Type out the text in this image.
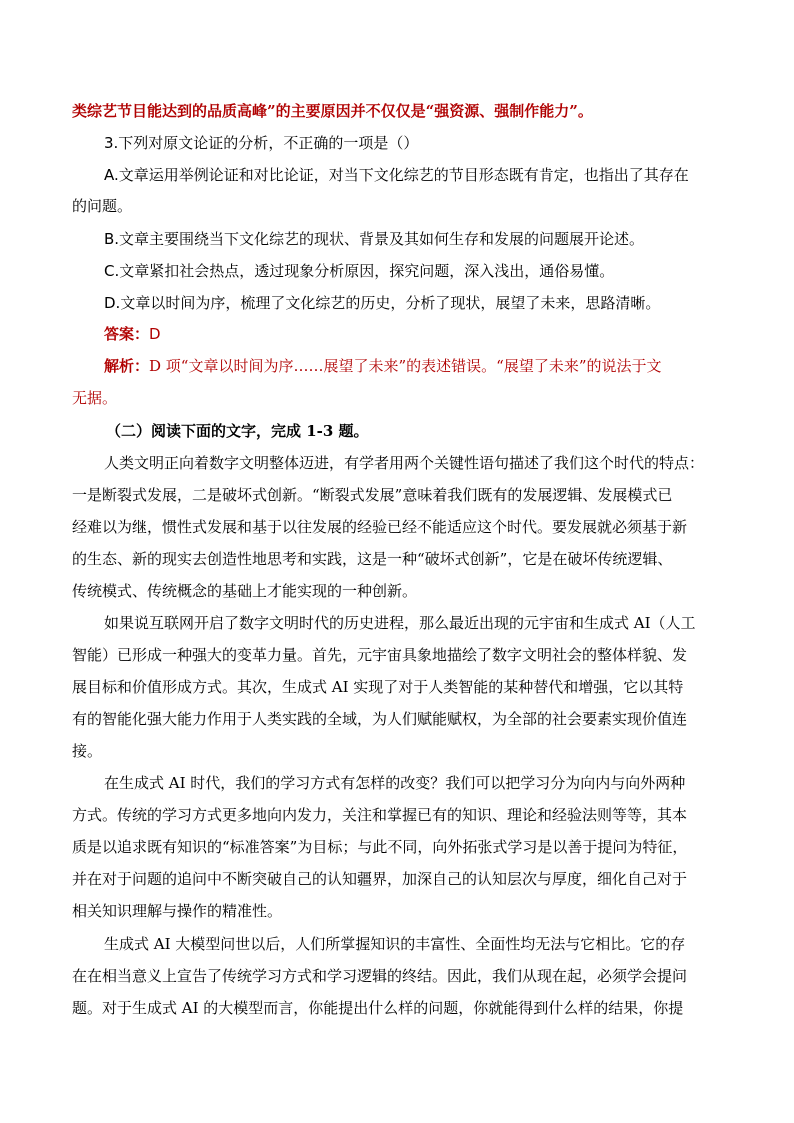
类综艺节目能达到的品质高峰”的主要原因并不仅仅是“强资源、强制作能力”。
3.下列对原文论证的分析，不正确的一项是（）
A.文章运用举例论证和对比论证，对当下文化综艺的节目形态既有肯定，也指出了其存在
的问题。
B.文章主要围绕当下文化综艺的现状、背景及其如何生存和发展的问题展开论述。
C.文章紧扣社会热点，透过现象分析原因，探究问题，深入浅出，通俗易懂。
D.文章以时间为序，梳理了文化综艺的历史，分析了现状，展望了未来，思路清晰。
答案：D
解析：D 项“文章以时间为序……展望了未来”的表述错误。“展望了未来”的说法于文
无据。
（二）阅读下面的文字，完成 1-3 题。
人类文明正向着数字文明整体迈进，有学者用两个关键性语句描述了我们这个时代的特点：
一是断裂式发展，二是破坏式创新。“断裂式发展”意味着我们既有的发展逻辑、发展模式已
经难以为继，惯性式发展和基于以往发展的经验已经不能适应这个时代。要发展就必须基于新
的生态、新的现实去创造性地思考和实践，这是一种“破坏式创新”，它是在破坏传统逻辑、
传统模式、传统概念的基础上才能实现的一种创新。
如果说互联网开启了数字文明时代的历史进程，那么最近出现的元宇宙和生成式 AI（人工
智能）已形成一种强大的变革力量。首先，元宇宙具象地描绘了数字文明社会的整体样貌、发
展目标和价值形成方式。其次，生成式 AI 实现了对于人类智能的某种替代和增强，它以其特
有的智能化强大能力作用于人类实践的全域，为人们赋能赋权，为全部的社会要素实现价值连
接。
在生成式 AI 时代，我们的学习方式有怎样的改变？我们可以把学习分为向内与向外两种
方式。传统的学习方式更多地向内发力，关注和掌握已有的知识、理论和经验法则等等，其本
质是以追求既有知识的“标准答案”为目标；与此不同，向外拓张式学习是以善于提问为特征，
并在对于问题的追问中不断突破自己的认知疆界，加深自己的认知层次与厚度，细化自己对于
相关知识理解与操作的精准性。
生成式 AI 大模型问世以后，人们所掌握知识的丰富性、全面性均无法与它相比。它的存
在在相当意义上宣告了传统学习方式和学习逻辑的终结。因此，我们从现在起，必须学会提问
题。对于生成式 AI 的大模型而言，你能提出什么样的问题，你就能得到什么样的结果，你提
